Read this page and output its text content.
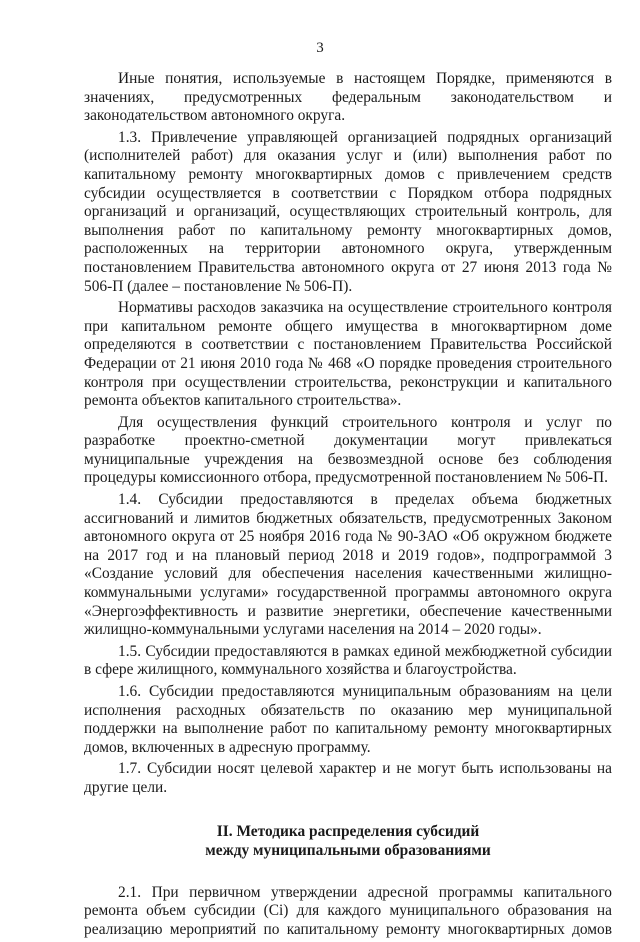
3

Иные понятия, используемые в настоящем Порядке, применяются в значениях, предусмотренных федеральным законодательством и законодательством автономного округа.

1.3. Привлечение управляющей организацией подрядных организаций (исполнителей работ) для оказания услуг и (или) выполнения работ по капитальному ремонту многоквартирных домов с привлечением средств субсидии осуществляется в соответствии с Порядком отбора подрядных организаций и организаций, осуществляющих строительный контроль, для выполнения работ по капитальному ремонту многоквартирных домов, расположенных на территории автономного округа, утвержденным постановлением Правительства автономного округа от 27 июня 2013 года № 506-П (далее – постановление № 506-П).

Нормативы расходов заказчика на осуществление строительного контроля при капитальном ремонте общего имущества в многоквартирном доме определяются в соответствии с постановлением Правительства Российской Федерации от 21 июня 2010 года № 468 «О порядке проведения строительного контроля при осуществлении строительства, реконструкции и капитального ремонта объектов капитального строительства».

Для осуществления функций строительного контроля и услуг по разработке проектно-сметной документации могут привлекаться муниципальные учреждения на безвозмездной основе без соблюдения процедуры комиссионного отбора, предусмотренной постановлением № 506-П.

1.4. Субсидии предоставляются в пределах объема бюджетных ассигнований и лимитов бюджетных обязательств, предусмотренных Законом автономного округа от 25 ноября 2016 года № 90-ЗАО «Об окружном бюджете на 2017 год и на плановый период 2018 и 2019 годов», подпрограммой 3 «Создание условий для обеспечения населения качественными жилищно-коммунальными услугами» государственной программы автономного округа «Энергоэффективность и развитие энергетики, обеспечение качественными жилищно-коммунальными услугами населения на 2014 – 2020 годы».

1.5. Субсидии предоставляются в рамках единой межбюджетной субсидии в сфере жилищного, коммунального хозяйства и благоустройства.

1.6. Субсидии предоставляются муниципальным образованиям на цели исполнения расходных обязательств по оказанию мер муниципальной поддержки на выполнение работ по капитальному ремонту многоквартирных домов, включенных в адресную программу.

1.7. Субсидии носят целевой характер и не могут быть использованы на другие цели.

II. Методика распределения субсидий
между муниципальными образованиями

2.1. При первичном утверждении адресной программы капитального ремонта объем субсидии (Ci) для каждого муниципального образования на реализацию мероприятий по капитальному ремонту многоквартирных домов
